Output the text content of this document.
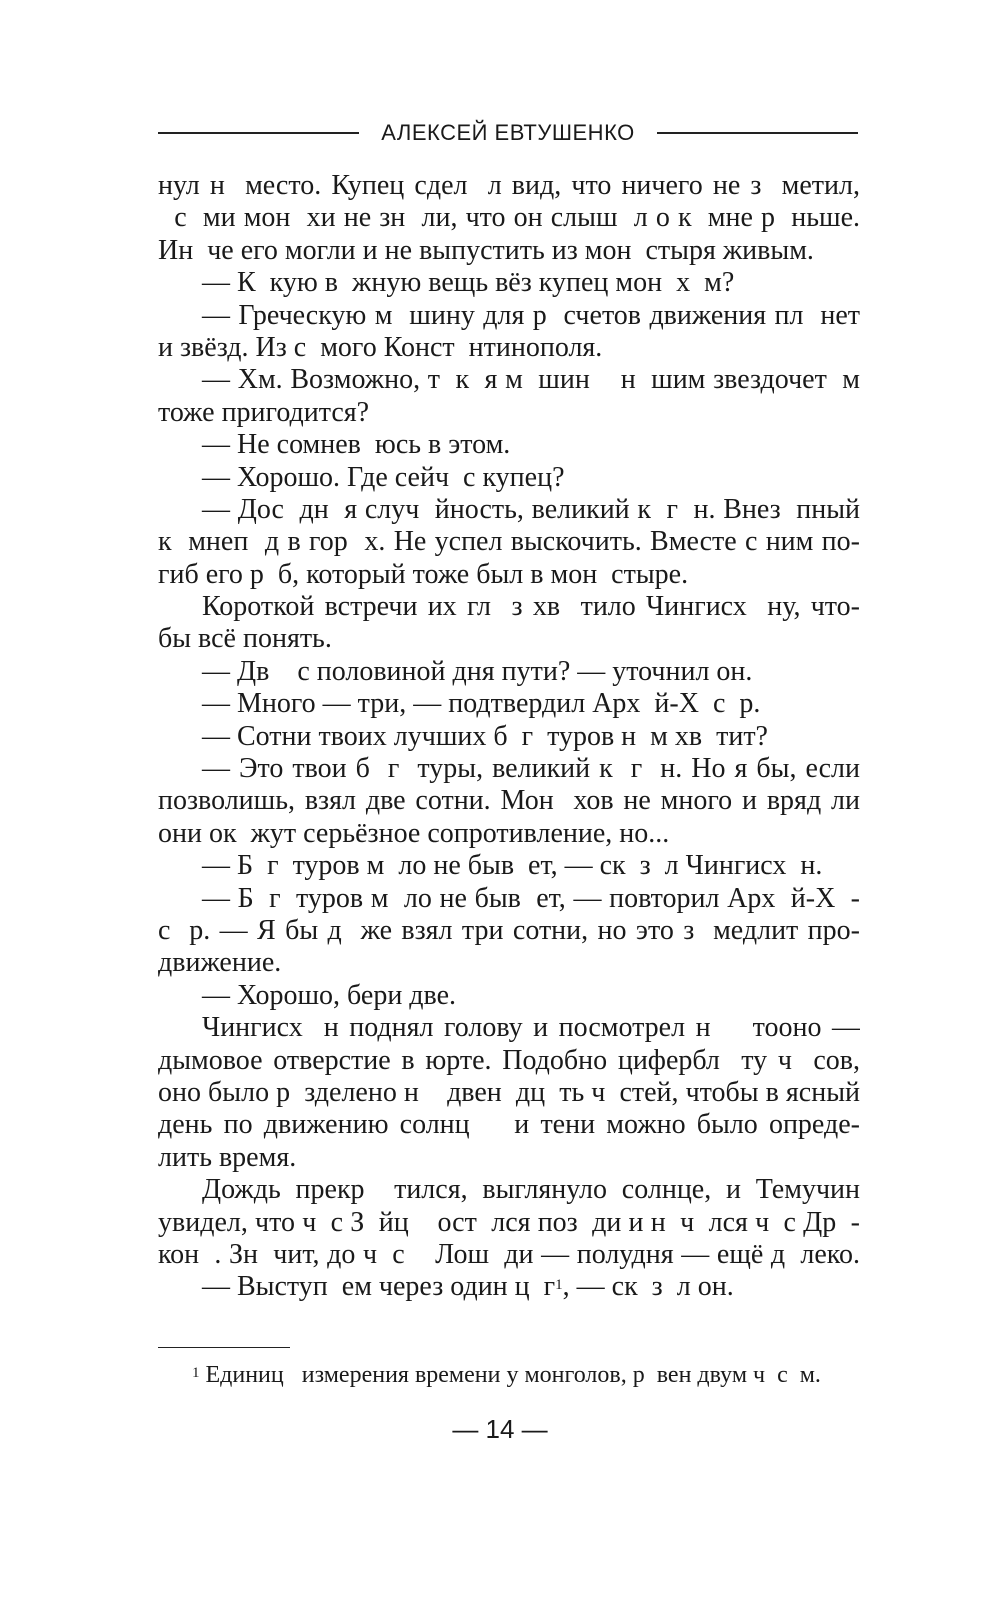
АЛЕКСЕЙ ЕВТУШЕНКО
нул н  место. Купец сдел  л вид, что ничего не з  метил,
с  ми мон  хи не зн  ли, что он слыш  л о к  мне р  ньше.
Ин  че его могли и не выпустить из мон  стыря живым.
— К  кую в  жную вещь вёз купец мон  х  м?
— Греческую м  шину для р  счетов движения пл  нет
и звёзд. Из с  мого Конст  нтинополя.
— Хм. Возможно, т  к  я м  шин    н  шим звездочет  м
тоже пригодится?
— Не сомнев  юсь в этом.
— Хорошо. Где сейч  с купец?
— Дос  дн  я случ  йность, великий к  г  н. Внез  пный
к  мнеп  д в гор  х. Не успел выскочить. Вместе с ним по-
гиб его р  б, который тоже был в мон  стыре.
Короткой встречи их гл  з хв  тило Чингисх  ну, что-
бы всё понять.
— Дв    с половиной дня пути? — уточнил он.
— Много — три, — подтвердил Арх  й-Х  с  р.
— Сотни твоих лучших б  г  туров н  м хв  тит?
— Это твои б  г  туры, великий к  г  н. Но я бы, если
позволишь, взял две сотни. Мон  хов не много и вряд ли
они ок  жут серьёзное сопротивление, но...
— Б  г  туров м  ло не быв  ет, — ск  з  л Чингисх  н.
— Б  г  туров м  ло не быв  ет, — повторил Арх  й-Х  -
с  р. — Я бы д  же взял три сотни, но это з  медлит про-
движение.
— Хорошо, бери две.
Чингисх  н поднял голову и посмотрел н    тооно —
дымовое отверстие в юрте. Подобно цифербл  ту ч  сов,
оно было р  зделено н    двен  дц  ть ч  стей, чтобы в ясный
день по движению солнц    и тени можно было опреде-
лить время.
Дождь прекр  тился, выглянуло солнце, и Темучин
увидел, что ч  с З  йц    ост  лся поз  ди и н  ч  лся ч  с Др  -
кон  . Зн  чит, до ч  с    Лош  ди — полудня — ещё д  леко.
— Выступ  ем через один ц  $г^1$, — ск  з  л он.
$^1$ Единиц   измерения времени у монголов, р  вен двум ч  с  м.
— 14 —
